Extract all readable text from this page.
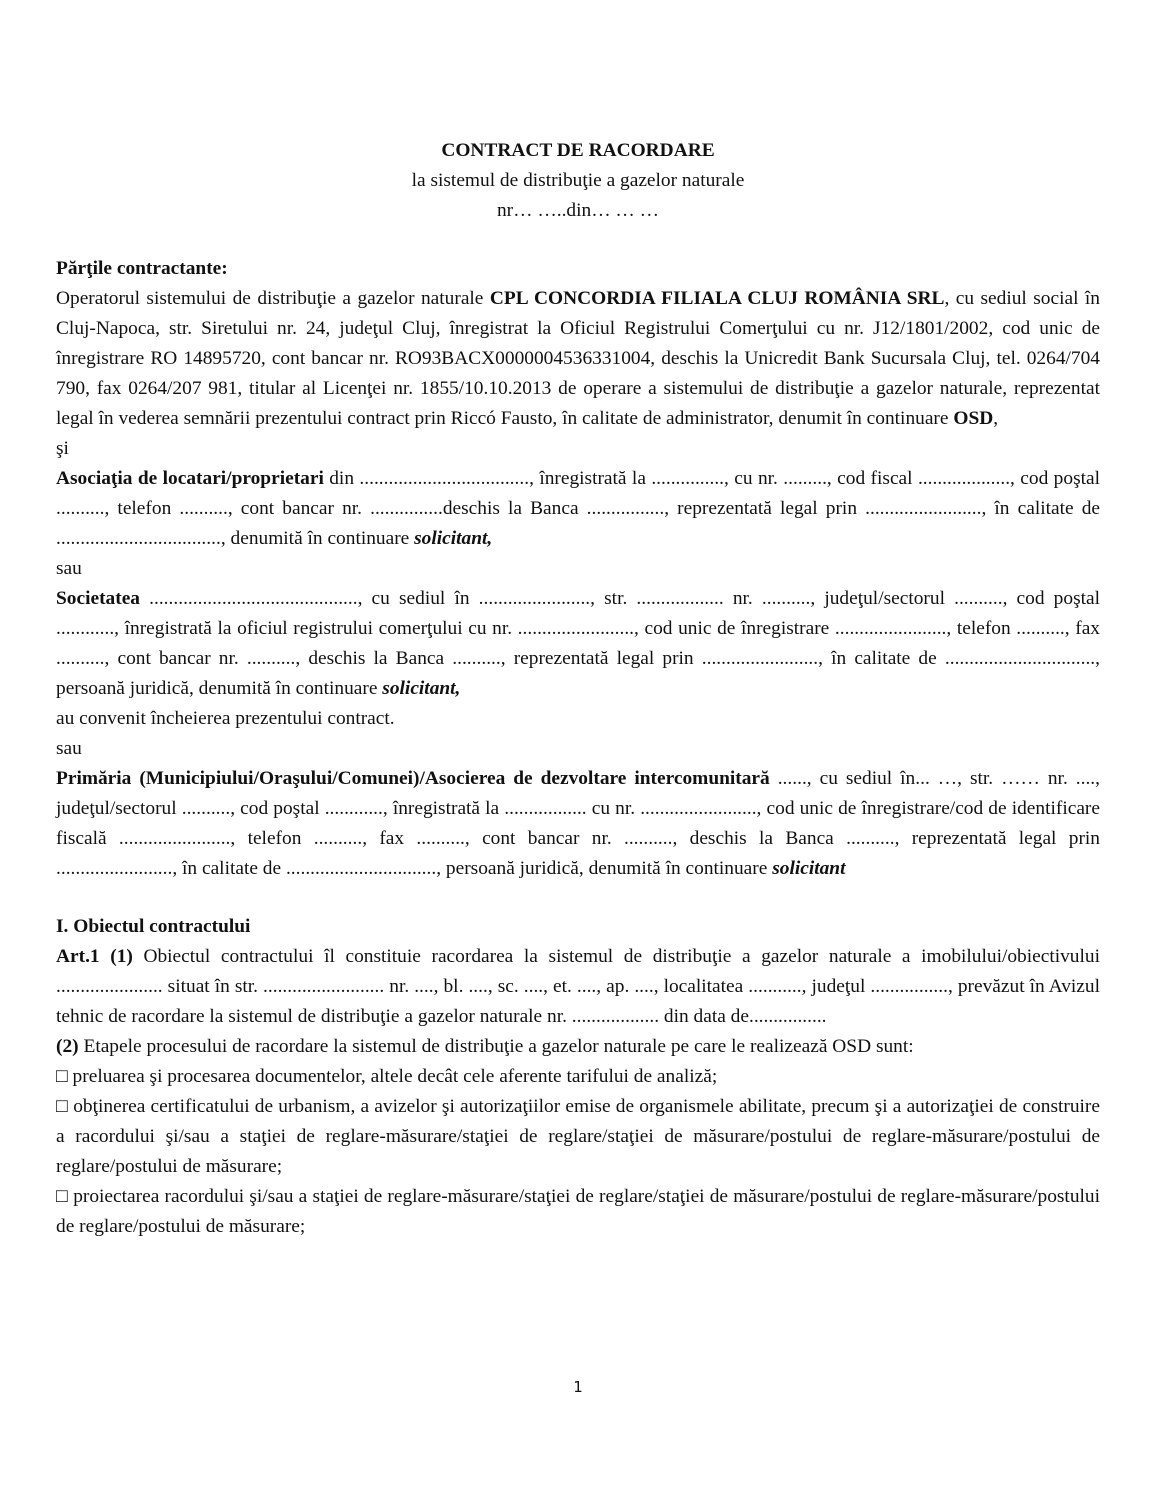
CONTRACT DE RACORDARE
la sistemul de distribuţie a gazelor naturale
nr… …..din… … …
Părţile contractante:
Operatorul sistemului de distribuţie a gazelor naturale CPL CONCORDIA FILIALA CLUJ ROMÂNIA SRL, cu sediul social în Cluj-Napoca, str. Siretului nr. 24, judeţul Cluj, înregistrat la Oficiul Registrului Comerţului cu nr. J12/1801/2002, cod unic de înregistrare RO 14895720, cont bancar nr. RO93BACX0000004536331004, deschis la Unicredit Bank Sucursala Cluj, tel. 0264/704 790, fax 0264/207 981, titular al Licenţei nr. 1855/10.10.2013 de operare a sistemului de distribuţie a gazelor naturale, reprezentat legal în vederea semnării prezentului contract prin Riccó Fausto, în calitate de administrator, denumit în continuare OSD,
şi
Asociaţia de locatari/proprietari din ..................................., înregistrată la ..............., cu nr. ........., cod fiscal ..................., cod poştal .........., telefon .........., cont bancar nr. ...............deschis la Banca ................, reprezentată legal prin ........................, în calitate de .................................., denumită în continuare solicitant,
sau
Societatea ..........................................., cu sediul în ......................., str. .................. nr. .........., judeţul/sectorul .........., cod poştal ............, înregistrată la oficiul registrului comerţului cu nr. ........................, cod unic de înregistrare ......................., telefon .........., fax .........., cont bancar nr. .........., deschis la Banca .........., reprezentată legal prin ........................, în calitate de ..............................., persoană juridică, denumită în continuare solicitant,
au convenit încheierea prezentului contract.
sau
Primăria (Municipiului/Oraşului/Comunei)/Asocierea de dezvoltare intercomunitară ......, cu sediul în... …, str. …… nr. ...., judeţul/sectorul .........., cod poştal ............, înregistrată la ................. cu nr. ........................, cod unic de înregistrare/cod de identificare fiscală ......................., telefon .........., fax .........., cont bancar nr. .........., deschis la Banca .........., reprezentată legal prin ........................, în calitate de ..............................., persoană juridică, denumită în continuare solicitant
I. Obiectul contractului
Art.1 (1) Obiectul contractului îl constituie racordarea la sistemul de distribuţie a gazelor naturale a imobilului/obiectivului ...................... situat în str. ......................... nr. ...., bl. ...., sc. ...., et. ...., ap. ...., localitatea ..........., judeţul ................, prevăzut în Avizul tehnic de racordare la sistemul de distribuţie a gazelor naturale nr. .................. din data de................
(2) Etapele procesului de racordare la sistemul de distribuţie a gazelor naturale pe care le realizează OSD sunt:
□ preluarea şi procesarea documentelor, altele decât cele aferente tarifului de analiză;
□ obţinerea certificatului de urbanism, a avizelor şi autorizaţiilor emise de organismele abilitate, precum şi a autorizaţiei de construire a racordului şi/sau a staţiei de reglare-măsurare/staţiei de reglare/staţiei de măsurare/postului de reglare-măsurare/postului de reglare/postului de măsurare;
□ proiectarea racordului şi/sau a staţiei de reglare-măsurare/staţiei de reglare/staţiei de măsurare/postului de reglare-măsurare/postului de reglare/postului de măsurare;
1
